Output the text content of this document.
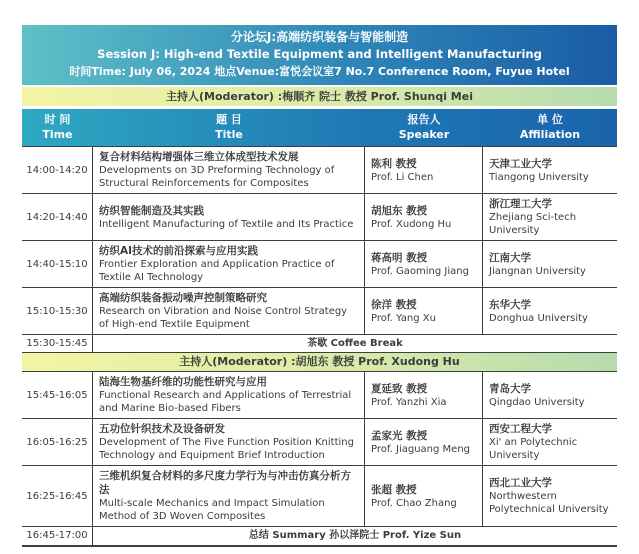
分论坛J:高端纺织装备与智能制造
Session J: High-end Textile Equipment and Intelligent Manufacturing
时间Time: July 06, 2024 地点Venue:富悦会议室7 No.7 Conference Room, Fuyue Hotel
主持人(Moderator) :梅顺齐 院士 教授 Prof. Shunqi Mei
时 间
Time
题 目
Title
报告人
Speaker
单 位
Affiliation
14:00-14:20
复合材料结构增强体三维立体成型技术发展
Developments on 3D Preforming Technology of Structural Reinforcements for Composites
陈利 教授
Prof. Li Chen
天津工业大学
Tiangong University
14:20-14:40
纺织智能制造及其实践
Intelligent Manufacturing of Textile and Its Practice
胡旭东 教授
Prof. Xudong Hu
浙江理工大学
Zhejiang Sci-tech University
14:40-15:10
纺织AI技术的前沿探索与应用实践
Frontier Exploration and Application Practice of Textile AI Technology
蒋高明 教授
Prof. Gaoming Jiang
江南大学
Jiangnan University
15:10-15:30
高端纺织装备振动噪声控制策略研究
Research on Vibration and Noise Control Strategy of High-end Textile Equipment
徐洋 教授
Prof. Yang Xu
东华大学
Donghua University
15:30-15:45	茶歇 Coffee Break
主持人(Moderator) :胡旭东 教授 Prof. Xudong Hu
15:45-16:05
陆海生物基纤维的功能性研究与应用
Functional Research and Applications of Terrestrial and Marine Bio-based Fibers
夏延致 教授
Prof. Yanzhi Xia
青岛大学
Qingdao University
16:05-16:25
五功位针织技术及设备研发
Development of The Five Function Position Knitting Technology and Equipment Brief Introduction
孟家光 教授
Prof. Jiaguang Meng
西安工程大学
Xi' an Polytechnic University
16:25-16:45
三维机织复合材料的多尺度力学行为与冲击仿真分析方法
Multi-scale Mechanics and Impact Simulation Method of 3D Woven Composites
张超 教授
Prof. Chao Zhang
西北工业大学
Northwestern Polytechnical University
16:45-17:00	总结 Summary 孙以泽院士 Prof. Yize Sun
